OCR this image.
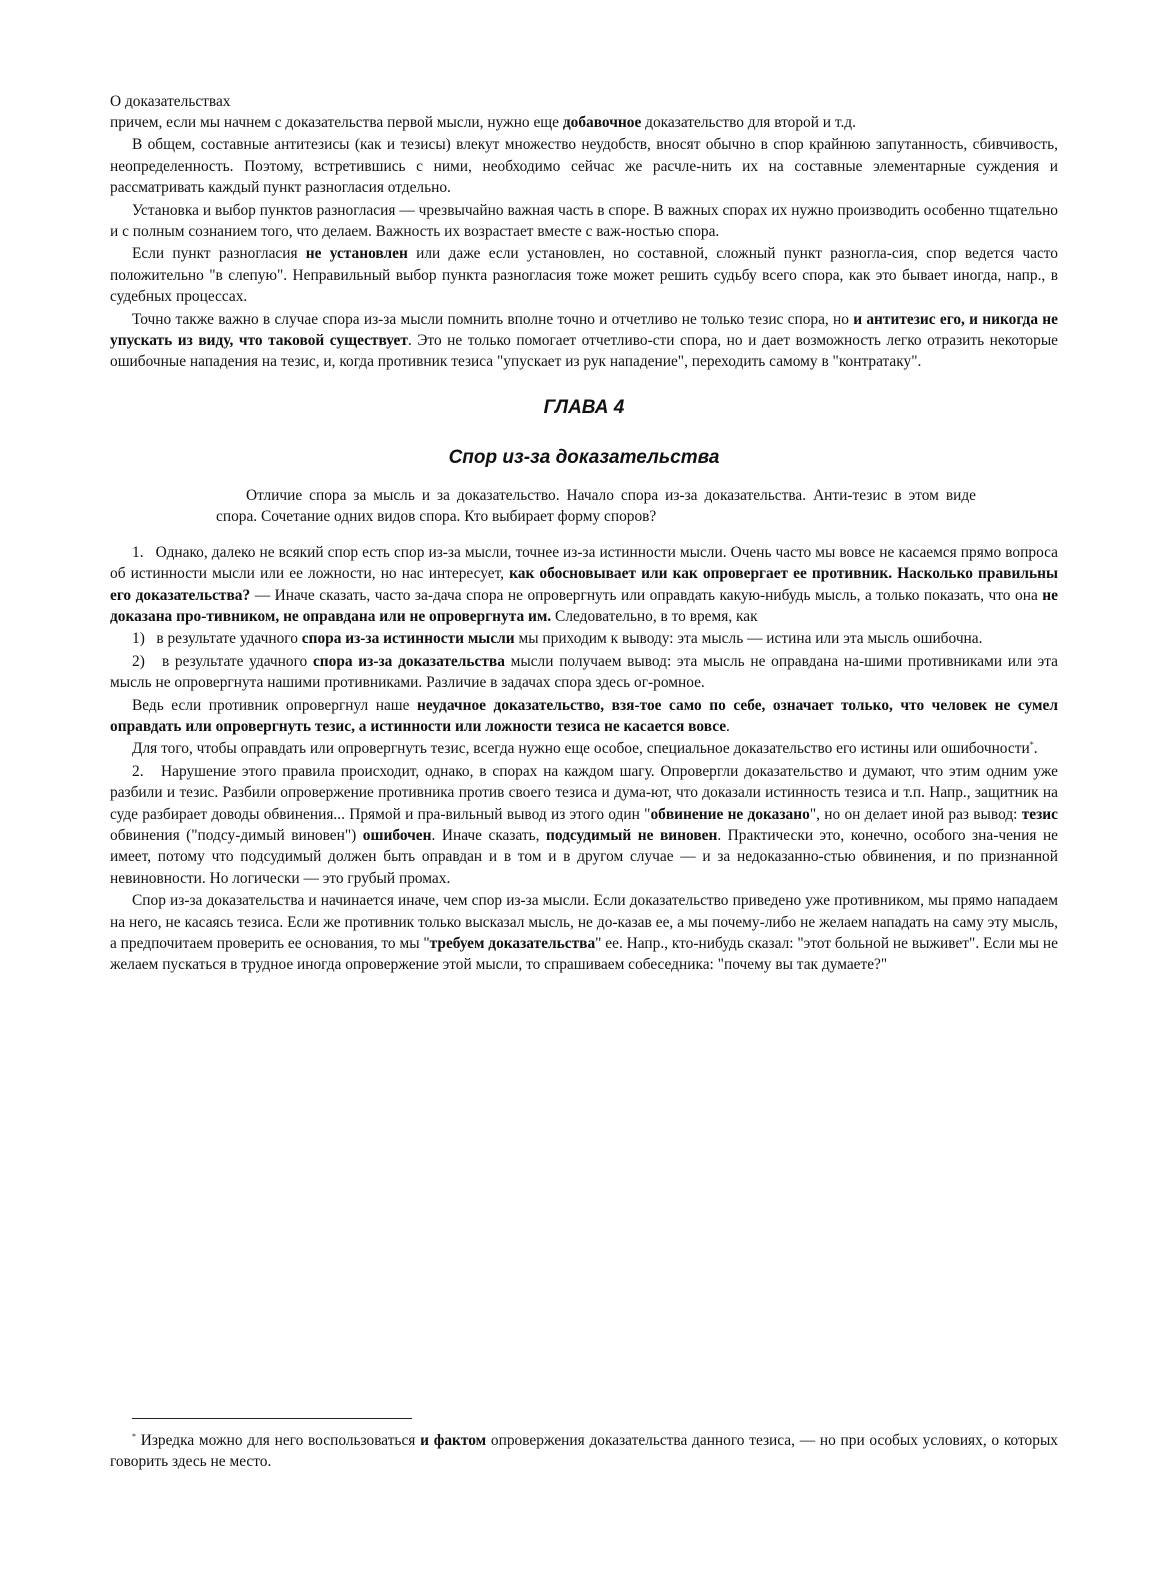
О доказательствах

причем, если мы начнем с доказательства первой мысли, нужно еще добавочное доказательство для второй и т.д.

В общем, составные антитезисы (как и тезисы) влекут множество неудобств, вносят обычно в спор крайнюю запутанность, сбивчивость, неопределенность. Поэтому, встретившись с ними, необходимо сейчас же расчле-нить их на составные элементарные суждения и рассматривать каждый пункт разногласия отдельно.

Установка и выбор пунктов разногласия — чрезвычайно важная часть в споре. В важных спорах их нужно производить особенно тщательно и с полным сознанием того, что делаем. Важность их возрастает вместе с важ-ностью спора.

Если пункт разногласия не установлен или даже если установлен, но составной, сложный пункт разногла-сия, спор ведется часто положительно "в слепую". Неправильный выбор пункта разногласия тоже может решить судьбу всего спора, как это бывает иногда, напр., в судебных процессах.

Точно также важно в случае спора из-за мысли помнить вполне точно и отчетливо не только тезис спора, но и антитезис его, и никогда не упускать из виду, что таковой существует. Это не только помогает отчетливо-сти спора, но и дает возможность легко отразить некоторые ошибочные нападения на тезис, и, когда противник тезиса "упускает из рук нападение", переходить самому в "контратаку".

ГЛАВА 4
Спор из-за доказательства
Отличие спора за мысль и за доказательство. Начало спора из-за доказательства. Анти-тезис в этом виде спора. Сочетание одних видов спора. Кто выбирает форму споров?

1.   Однако, далеко не всякий спор есть спор из-за мысли, точнее из-за истинности мысли. Очень часто мы вовсе не касаемся прямо вопроса об истинности мысли или ее ложности, но нас интересует, как обосновывает или как опровергает ее противник. Насколько правильны его доказательства? — Иначе сказать, часто за-дача спора не опровергнуть или оправдать какую-нибудь мысль, а только показать, что она не доказана про-тивником, не оправдана или не опровергнута им. Следовательно, в то время, как

1)   в результате удачного спора из-за истинности мысли мы приходим к выводу: эта мысль — истина или эта мысль ошибочна.

2)   в результате удачного спора из-за доказательства мысли получаем вывод: эта мысль не оправдана на-шими противниками или эта мысль не опровергнута нашими противниками. Различие в задачах спора здесь ог-ромное.

Ведь если противник опровергнул наше неудачное доказательство, взя-тое само по себе, означает только, что человек не сумел оправдать или опровергнуть тезис, а истинности или ложности тезиса не касается вовсе.

Для того, чтобы оправдать или опровергнуть тезис, всегда нужно еще особое, специальное доказательство его истины или ошибочности*.

2.   Нарушение этого правила происходит, однако, в спорах на каждом шагу. Опровергли доказательство и думают, что этим одним уже разбили и тезис. Разбили опровержение противника против своего тезиса и дума-ют, что доказали истинность тезиса и т.п. Напр., защитник на суде разбирает доводы обвинения... Прямой и пра-вильный вывод из этого один "обвинение не доказано", но он делает иной раз вывод: тезис обвинения ("подсу-димый виновен") ошибочен. Иначе сказать, подсудимый не виновен. Практически это, конечно, особого зна-чения не имеет, потому что подсудимый должен быть оправдан и в том и в другом случае — и за недоказанно-стью обвинения, и по признанной невиновности. Но логически — это грубый промах.

Спор из-за доказательства и начинается иначе, чем спор из-за мысли. Если доказательство приведено уже противником, мы прямо нападаем на него, не касаясь тезиса. Если же противник только высказал мысль, не до-казав ее, а мы почему-либо не желаем нападать на саму эту мысль, а предпочитаем проверить ее основания, то мы "требуем доказательства" ее. Напр., кто-нибудь сказал: "этот больной не выживет". Если мы не желаем пускаться в трудное иногда опровержение этой мысли, то спрашиваем собеседника: "почему вы так думаете?"

* Изредка можно для него воспользоваться и фактом опровержения доказательства данного тезиса, — но при особых условиях, о которых говорить здесь не место.
